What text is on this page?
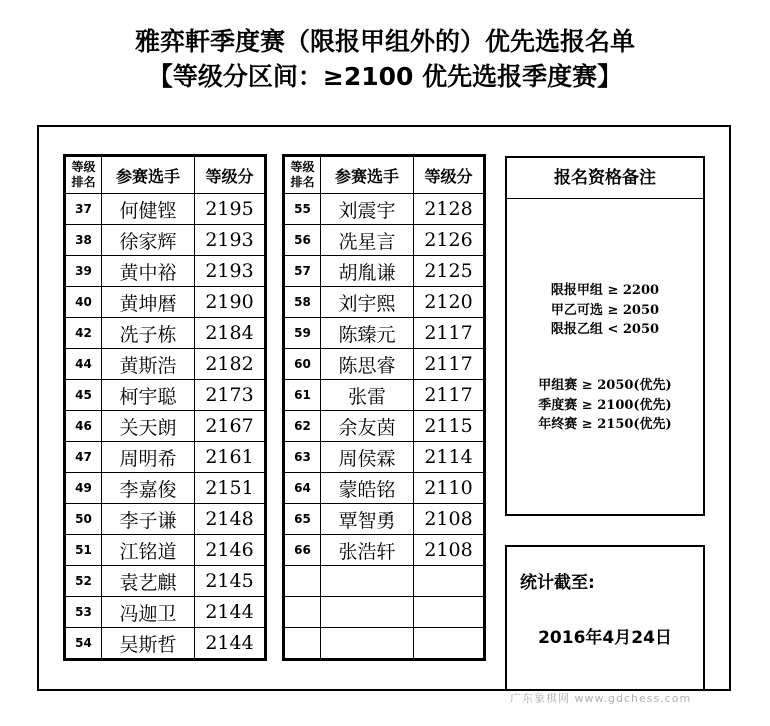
雅弈軒季度赛（限报甲组外的）优先选报名单
【等级分区间：≥2100 优先选报季度赛】
等级
排名	参赛选手	等级分
37	何健铿	2195
38	徐家辉	2193
39	黄中裕	2193
40	黄坤暦	2190
42	冼子栋	2184
44	黄斯浩	2182
45	柯宇聪	2173
46	关天朗	2167
47	周明希	2161
49	李嘉俊	2151
50	李子谦	2148
51	江铭道	2146
52	袁艺麒	2145
53	冯迦卫	2144
54	吴斯哲	2144
等级
排名	参赛选手	等级分
55	刘震宇	2128
56	冼星言	2126
57	胡胤谦	2125
58	刘宇熙	2120
59	陈臻元	2117
60	陈思睿	2117
61	张雷	2117
62	余友茵	2115
63	周侯霖	2114
64	蒙皓铭	2110
65	覃智勇	2108
66	张浩轩	2108

报名资格备注
限报甲组 ≥ 2200
甲乙可选 ≥ 2050
限报乙组 < 2050
甲组赛 ≥ 2050(优先)
季度赛 ≥ 2100(优先)
年终赛 ≥ 2150(优先)
统计截至:
2016年4月24日
广东象棋网 www.gdchess.com
